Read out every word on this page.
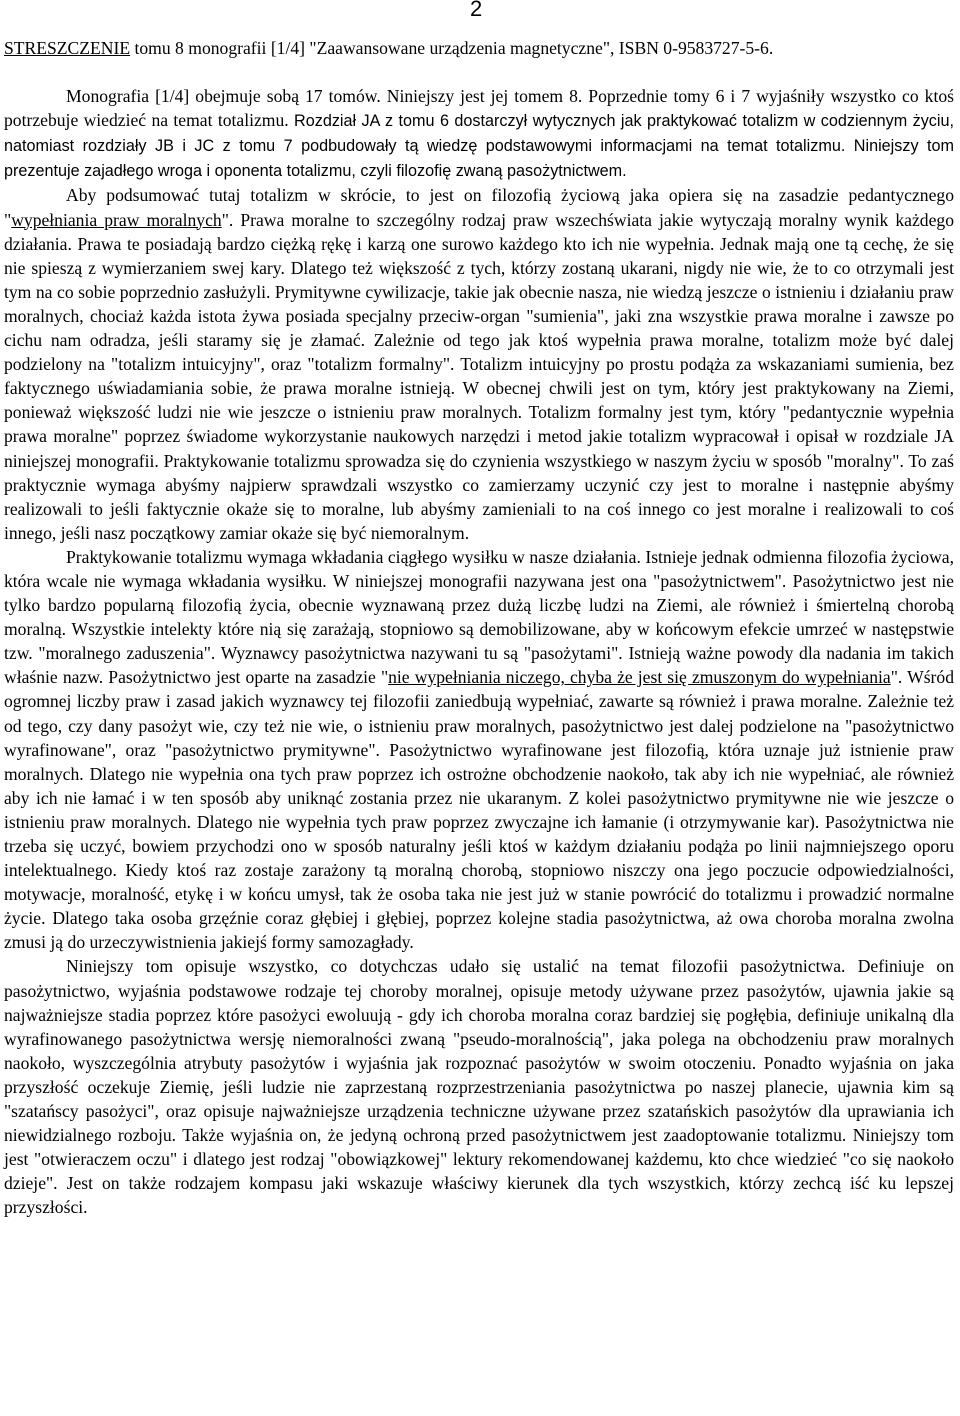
2

STRESZCZENIE tomu 8 monografii [1/4] "Zaawansowane urządzenia magnetyczne", ISBN 0-9583727-5-6.

Monografia [1/4] obejmuje sobą 17 tomów. Niniejszy jest jej tomem 8. Poprzednie tomy 6 i 7 wyjaśniły wszystko co ktoś potrzebuje wiedzieć na temat totalizmu. Rozdział JA z tomu 6 dostarczył wytycznych jak praktykować totalizm w codziennym życiu, natomiast rozdziały JB i JC z tomu 7 podbudowały tą wiedzę podstawowymi informacjami na temat totalizmu. Niniejszy tom prezentuje zajadłego wroga i oponenta totalizmu, czyli filozofię zwaną pasożytnictwem.

Aby podsumować tutaj totalizm w skrócie, to jest on filozofią życiową jaka opiera się na zasadzie pedantycznego "wypełniania praw moralnych". Prawa moralne to szczególny rodzaj praw wszechświata jakie wytyczają moralny wynik każdego działania. Prawa te posiadają bardzo ciężką rękę i karzą one surowo każdego kto ich nie wypełnia. Jednak mają one tą cechę, że się nie spieszą z wymierzaniem swej kary. Dlatego też większość z tych, którzy zostaną ukarani, nigdy nie wie, że to co otrzymali jest tym na co sobie poprzednio zasłużyli. Prymitywne cywilizacje, takie jak obecnie nasza, nie wiedzą jeszcze o istnieniu i działaniu praw moralnych, chociaż każda istota żywa posiada specjalny przeciw-organ "sumienia", jaki zna wszystkie prawa moralne i zawsze po cichu nam odradza, jeśli staramy się je złamać. Zależnie od tego jak ktoś wypełnia prawa moralne, totalizm może być dalej podzielony na "totalizm intuicyjny", oraz "totalizm formalny". Totalizm intuicyjny po prostu podąża za wskazaniami sumienia, bez faktycznego uświadamiania sobie, że prawa moralne istnieją. W obecnej chwili jest on tym, który jest praktykowany na Ziemi, ponieważ większość ludzi nie wie jeszcze o istnieniu praw moralnych. Totalizm formalny jest tym, który "pedantycznie wypełnia prawa moralne" poprzez świadome wykorzystanie naukowych narzędzi i metod jakie totalizm wypracował i opisał w rozdziale JA niniejszej monografii. Praktykowanie totalizmu sprowadza się do czynienia wszystkiego w naszym życiu w sposób "moralny". To zaś praktycznie wymaga abyśmy najpierw sprawdzali wszystko co zamierzamy uczynić czy jest to moralne i następnie abyśmy realizowali to jeśli faktycznie okaże się to moralne, lub abyśmy zamieniali to na coś innego co jest moralne i realizowali to coś innego, jeśli nasz początkowy zamiar okaże się być niemoralnym.

Praktykowanie totalizmu wymaga wkładania ciągłego wysiłku w nasze działania. Istnieje jednak odmienna filozofia życiowa, która wcale nie wymaga wkładania wysiłku. W niniejszej monografii nazywana jest ona "pasożytnictwem". Pasożytnictwo jest nie tylko bardzo popularną filozofią życia, obecnie wyznawaną przez dużą liczbę ludzi na Ziemi, ale również i śmiertelną chorobą moralną. Wszystkie intelekty które nią się zarażają, stopniowo są demobilizowane, aby w końcowym efekcie umrzeć w następstwie tzw. "moralnego zaduszenia". Wyznawcy pasożytnictwa nazywani tu są "pasożytami". Istnieją ważne powody dla nadania im takich właśnie nazw. Pasożytnictwo jest oparte na zasadzie "nie wypełniania niczego, chyba że jest się zmuszonym do wypełniania". Wśród ogromnej liczby praw i zasad jakich wyznawcy tej filozofii zaniedbują wypełniać, zawarte są również i prawa moralne. Zależnie też od tego, czy dany pasożyt wie, czy też nie wie, o istnieniu praw moralnych, pasożytnictwo jest dalej podzielone na "pasożytnictwo wyrafinowane", oraz "pasożytnictwo prymitywne". Pasożytnictwo wyrafinowane jest filozofią, która uznaje już istnienie praw moralnych. Dlatego nie wypełnia ona tych praw poprzez ich ostrożne obchodzenie naokoło, tak aby ich nie wypełniać, ale również aby ich nie łamać i w ten sposób aby uniknąć zostania przez nie ukaranym. Z kolei pasożytnictwo prymitywne nie wie jeszcze o istnieniu praw moralnych. Dlatego nie wypełnia tych praw poprzez zwyczajne ich łamanie (i otrzymywanie kar). Pasożytnictwa nie trzeba się uczyć, bowiem przychodzi ono w sposób naturalny jeśli ktoś w każdym działaniu podąża po linii najmniejszego oporu intelektualnego. Kiedy ktoś raz zostaje zarażony tą moralną chorobą, stopniowo niszczy ona jego poczucie odpowiedzialności, motywacje, moralność, etykę i w końcu umysł, tak że osoba taka nie jest już w stanie powrócić do totalizmu i prowadzić normalne życie. Dlatego taka osoba grzęźnie coraz głębiej i głębiej, poprzez kolejne stadia pasożytnictwa, aż owa choroba moralna zwolna zmusi ją do urzeczywistnienia jakiejś formy samozagłady.

Niniejszy tom opisuje wszystko, co dotychczas udało się ustalić na temat filozofii pasożytnictwa. Definiuje on pasożytnictwo, wyjaśnia podstawowe rodzaje tej choroby moralnej, opisuje metody używane przez pasożytów, ujawnia jakie są najważniejsze stadia poprzez które pasożyci ewoluują - gdy ich choroba moralna coraz bardziej się pogłębia, definiuje unikalną dla wyrafinowanego pasożytnictwa wersję niemoralności zwaną "pseudo-moralnością", jaka polega na obchodzeniu praw moralnych naokoło, wyszczególnia atrybuty pasożytów i wyjaśnia jak rozpoznać pasożytów w swoim otoczeniu. Ponadto wyjaśnia on jaka przyszłość oczekuje Ziemię, jeśli ludzie nie zaprzestaną rozprzestrzeniania pasożytnictwa po naszej planecie, ujawnia kim są "szatańscy pasożyci", oraz opisuje najważniejsze urządzenia techniczne używane przez szatańskich pasożytów dla uprawiania ich niewidzialnego rozboju. Także wyjaśnia on, że jedyną ochroną przed pasożytnictwem jest zaadoptowanie totalizmu. Niniejszy tom jest "otwieraczem oczu" i dlatego jest rodzaj "obowiązkowej" lektury rekomendowanej każdemu, kto chce wiedzieć "co się naokoło dzieje". Jest on także rodzajem kompasu jaki wskazuje właściwy kierunek dla tych wszystkich, którzy zechcą iść ku lepszej przyszłości.
